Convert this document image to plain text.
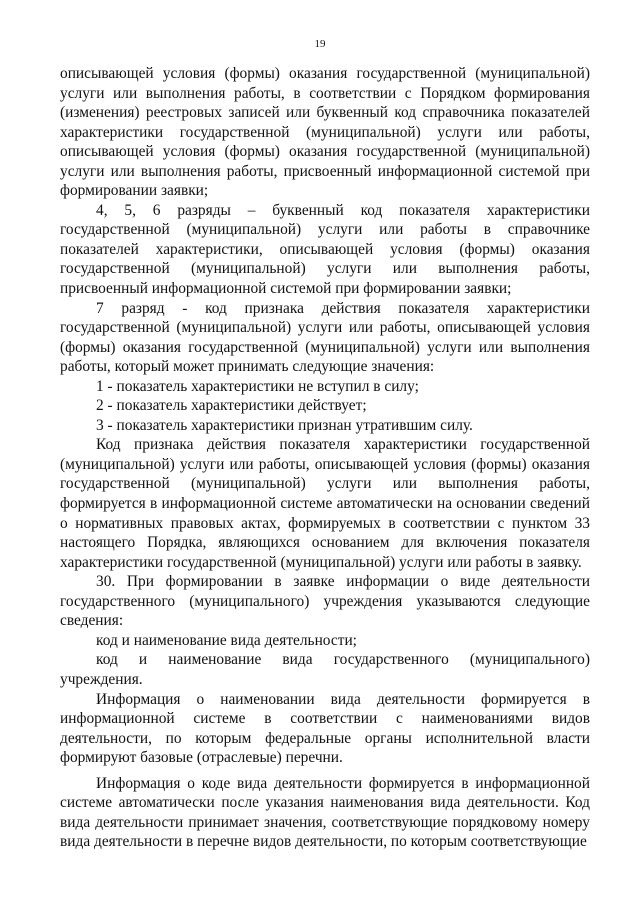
19

описывающей условия (формы) оказания государственной (муниципальной) услуги или выполнения работы, в соответствии с Порядком формирования (изменения) реестровых записей или буквенный код справочника показателей характеристики государственной (муниципальной) услуги или работы, описывающей условия (формы) оказания государственной (муниципальной) услуги или выполнения работы, присвоенный информационной системой при формировании заявки;

4, 5, 6 разряды – буквенный код показателя характеристики государственной (муниципальной) услуги или работы в справочнике показателей характеристики, описывающей условия (формы) оказания государственной (муниципальной) услуги или выполнения работы, присвоенный информационной системой при формировании заявки;

7 разряд - код признака действия показателя характеристики государственной (муниципальной) услуги или работы, описывающей условия (формы) оказания государственной (муниципальной) услуги или выполнения работы, который может принимать следующие значения:

1 - показатель характеристики не вступил в силу;

2 - показатель характеристики действует;

3 - показатель характеристики признан утратившим силу.

Код признака действия показателя характеристики государственной (муниципальной) услуги или работы, описывающей условия (формы) оказания государственной (муниципальной) услуги или выполнения работы, формируется в информационной системе автоматически на основании сведений о нормативных правовых актах, формируемых в соответствии с пунктом 33 настоящего Порядка, являющихся основанием для включения показателя характеристики государственной (муниципальной) услуги или работы в заявку.

30. При формировании в заявке информации о виде деятельности государственного (муниципального) учреждения указываются следующие сведения:

код и наименование вида деятельности;

код и наименование вида государственного (муниципального) учреждения.

Информация о наименовании вида деятельности формируется в информационной системе в соответствии с наименованиями видов деятельности, по которым федеральные органы исполнительной власти формируют базовые (отраслевые) перечни.

Информация о коде вида деятельности формируется в информационной системе автоматически после указания наименования вида деятельности. Код вида деятельности принимает значения, соответствующие порядковому номеру вида деятельности в перечне видов деятельности, по которым соответствующие
